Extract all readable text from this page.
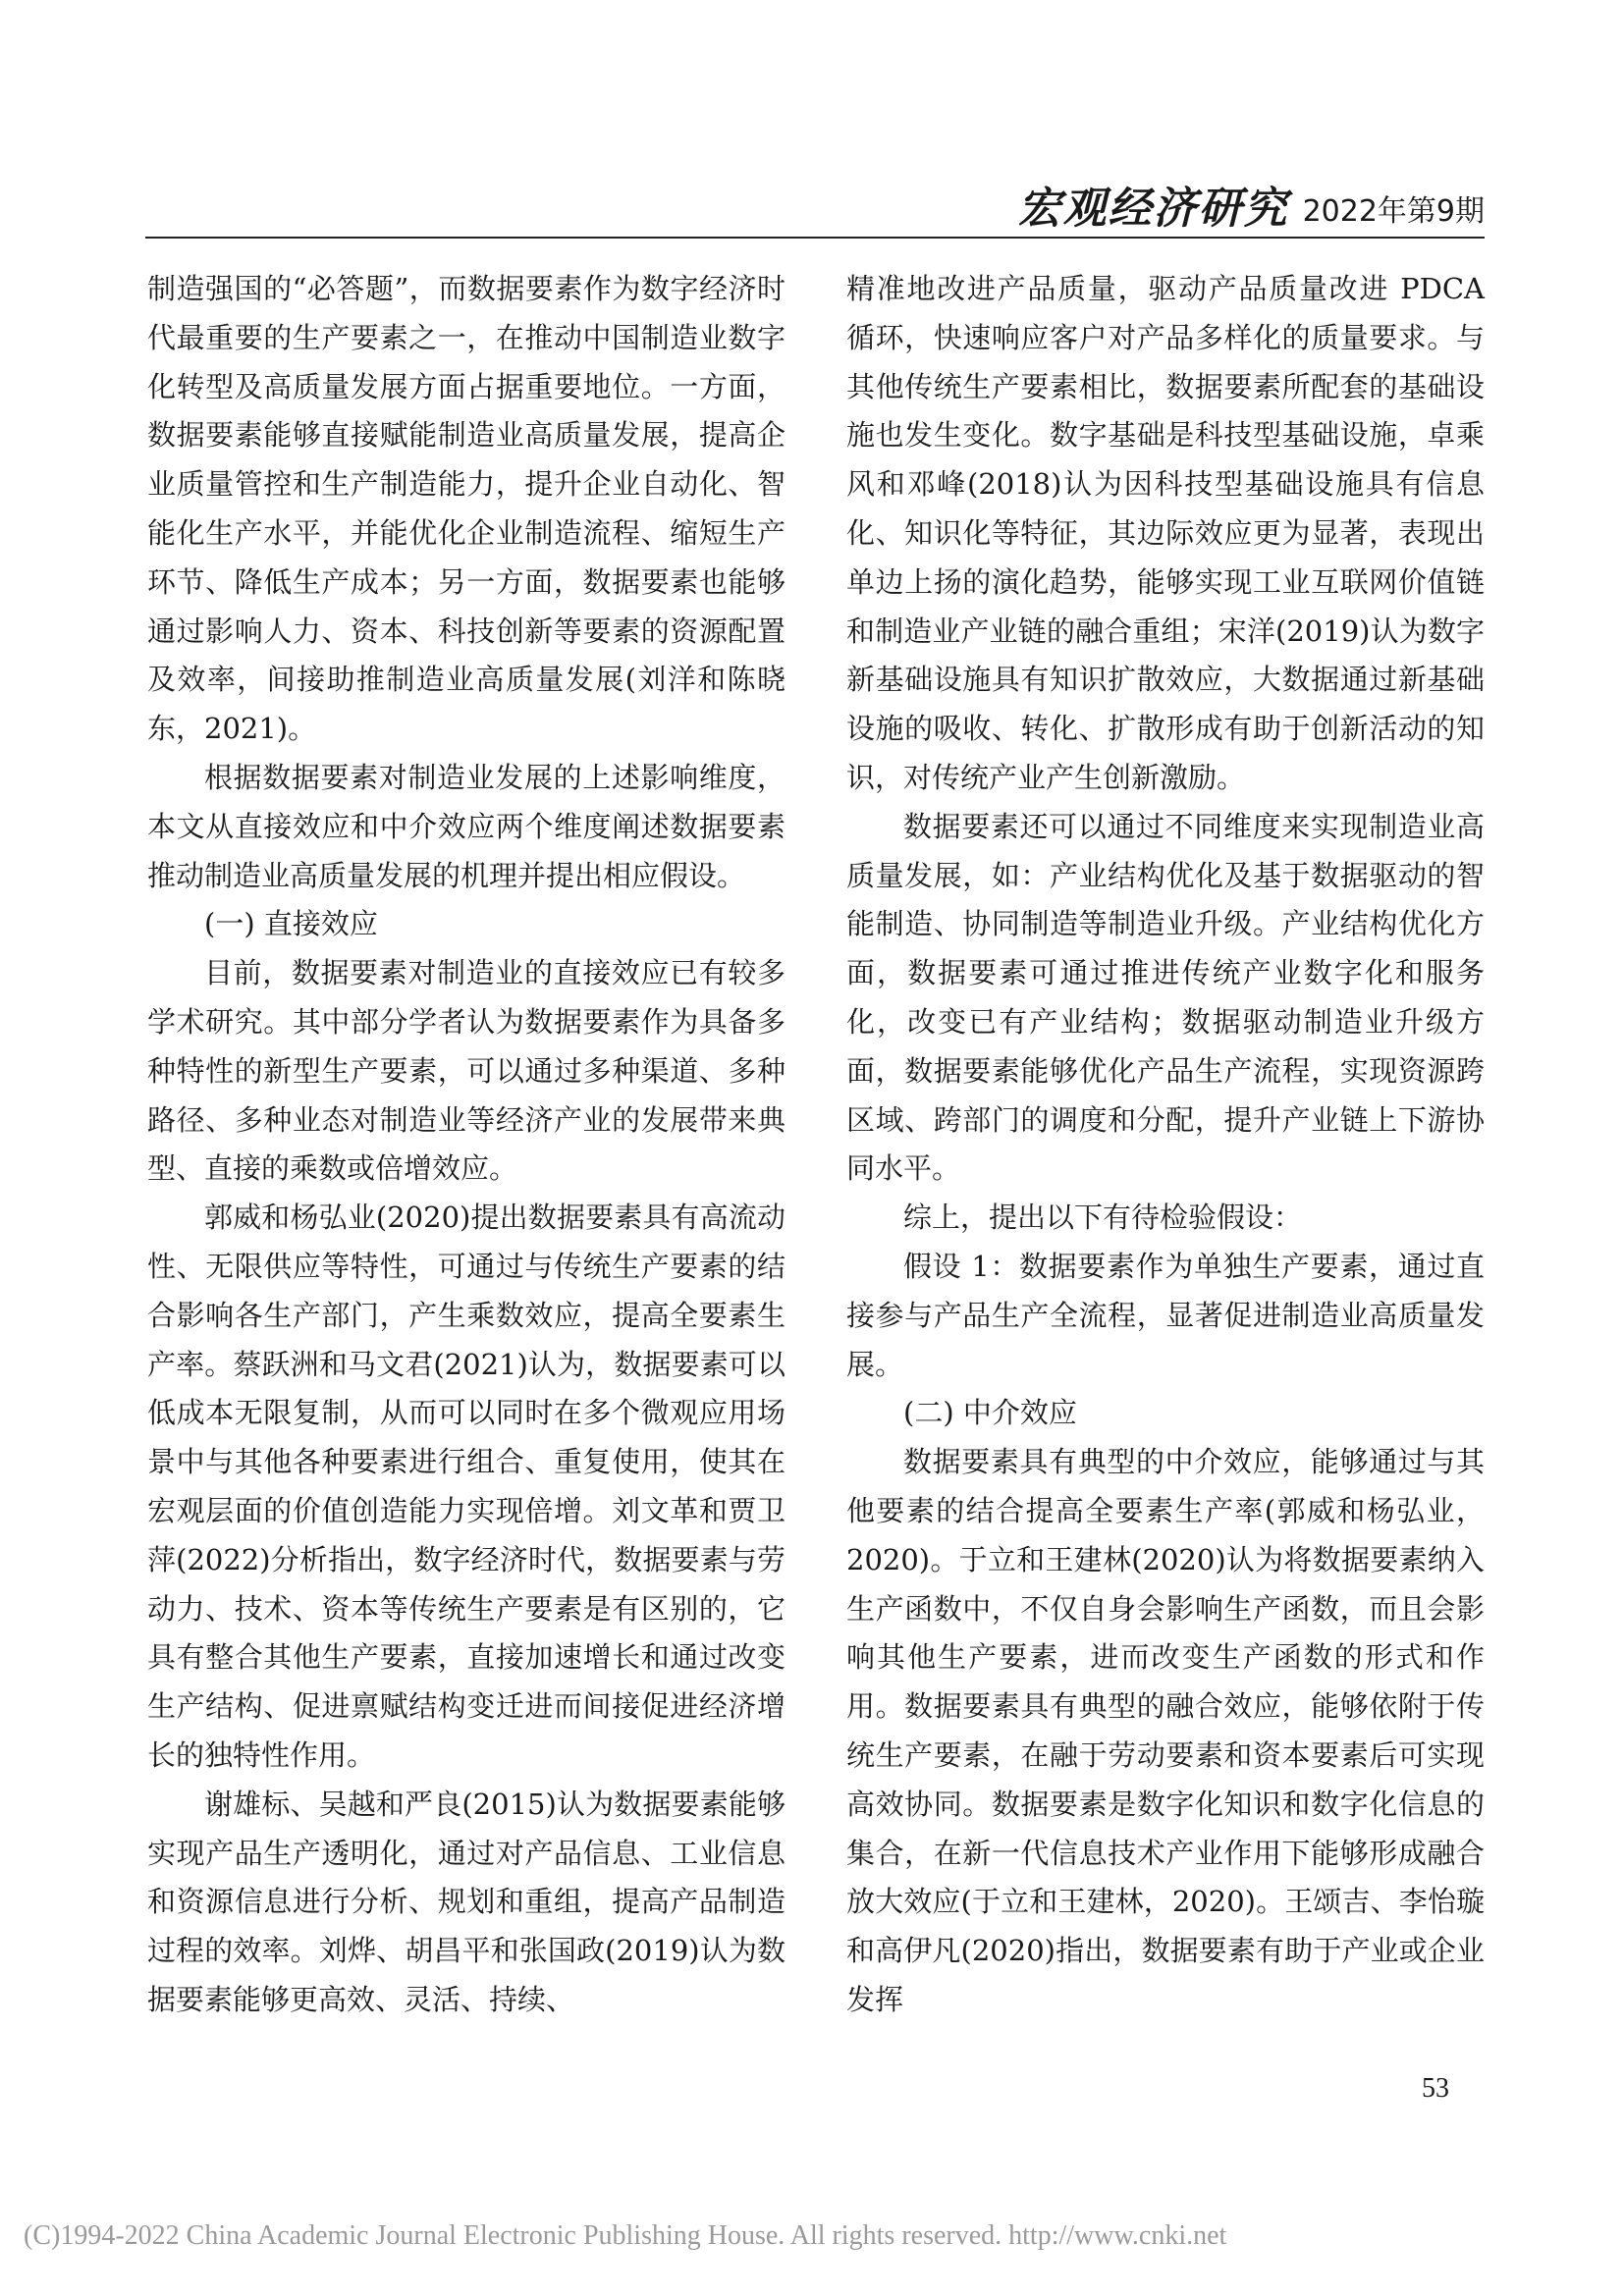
宏观经济研究 2022年第9期

制造强国的“必答题”，而数据要素作为数字经济时代最重要的生产要素之一，在推动中国制造业数字化转型及高质量发展方面占据重要地位。一方面，数据要素能够直接赋能制造业高质量发展，提高企业质量管控和生产制造能力，提升企业自动化、智能化生产水平，并能优化企业制造流程、缩短生产环节、降低生产成本；另一方面，数据要素也能够通过影响人力、资本、科技创新等要素的资源配置及效率，间接助推制造业高质量发展(刘洋和陈晓东，2021)。

根据数据要素对制造业发展的上述影响维度，本文从直接效应和中介效应两个维度阐述数据要素推动制造业高质量发展的机理并提出相应假设。

(一) 直接效应

目前，数据要素对制造业的直接效应已有较多学术研究。其中部分学者认为数据要素作为具备多种特性的新型生产要素，可以通过多种渠道、多种路径、多种业态对制造业等经济产业的发展带来典型、直接的乘数或倍增效应。

郭威和杨弘业(2020)提出数据要素具有高流动性、无限供应等特性，可通过与传统生产要素的结合影响各生产部门，产生乘数效应，提高全要素生产率。蔡跃洲和马文君(2021)认为，数据要素可以低成本无限复制，从而可以同时在多个微观应用场景中与其他各种要素进行组合、重复使用，使其在宏观层面的价值创造能力实现倍增。刘文革和贾卫萍(2022)分析指出，数字经济时代，数据要素与劳动力、技术、资本等传统生产要素是有区别的，它具有整合其他生产要素，直接加速增长和通过改变生产结构、促进禀赋结构变迁进而间接促进经济增长的独特性作用。

谢雄标、吴越和严良(2015)认为数据要素能够实现产品生产透明化，通过对产品信息、工业信息和资源信息进行分析、规划和重组，提高产品制造过程的效率。刘烨、胡昌平和张国政(2019)认为数据要素能够更高效、灵活、持续、

精准地改进产品质量，驱动产品质量改进 PDCA 循环，快速响应客户对产品多样化的质量要求。与其他传统生产要素相比，数据要素所配套的基础设施也发生变化。数字基础是科技型基础设施，卓乘风和邓峰(2018)认为因科技型基础设施具有信息化、知识化等特征，其边际效应更为显著，表现出单边上扬的演化趋势，能够实现工业互联网价值链和制造业产业链的融合重组；宋洋(2019)认为数字新基础设施具有知识扩散效应，大数据通过新基础设施的吸收、转化、扩散形成有助于创新活动的知识，对传统产业产生创新激励。

数据要素还可以通过不同维度来实现制造业高质量发展，如：产业结构优化及基于数据驱动的智能制造、协同制造等制造业升级。产业结构优化方面，数据要素可通过推进传统产业数字化和服务化，改变已有产业结构；数据驱动制造业升级方面，数据要素能够优化产品生产流程，实现资源跨区域、跨部门的调度和分配，提升产业链上下游协同水平。

综上，提出以下有待检验假设：

假设 1：数据要素作为单独生产要素，通过直接参与产品生产全流程，显著促进制造业高质量发展。

(二) 中介效应

数据要素具有典型的中介效应，能够通过与其他要素的结合提高全要素生产率(郭威和杨弘业，2020)。于立和王建林(2020)认为将数据要素纳入生产函数中，不仅自身会影响生产函数，而且会影响其他生产要素，进而改变生产函数的形式和作用。数据要素具有典型的融合效应，能够依附于传统生产要素，在融于劳动要素和资本要素后可实现高效协同。数据要素是数字化知识和数字化信息的集合，在新一代信息技术产业作用下能够形成融合放大效应(于立和王建林，2020)。王颂吉、李怡璇和高伊凡(2020)指出，数据要素有助于产业或企业发挥

53
(C)1994-2022 China Academic Journal Electronic Publishing House. All rights reserved. http://www.cnki.net
